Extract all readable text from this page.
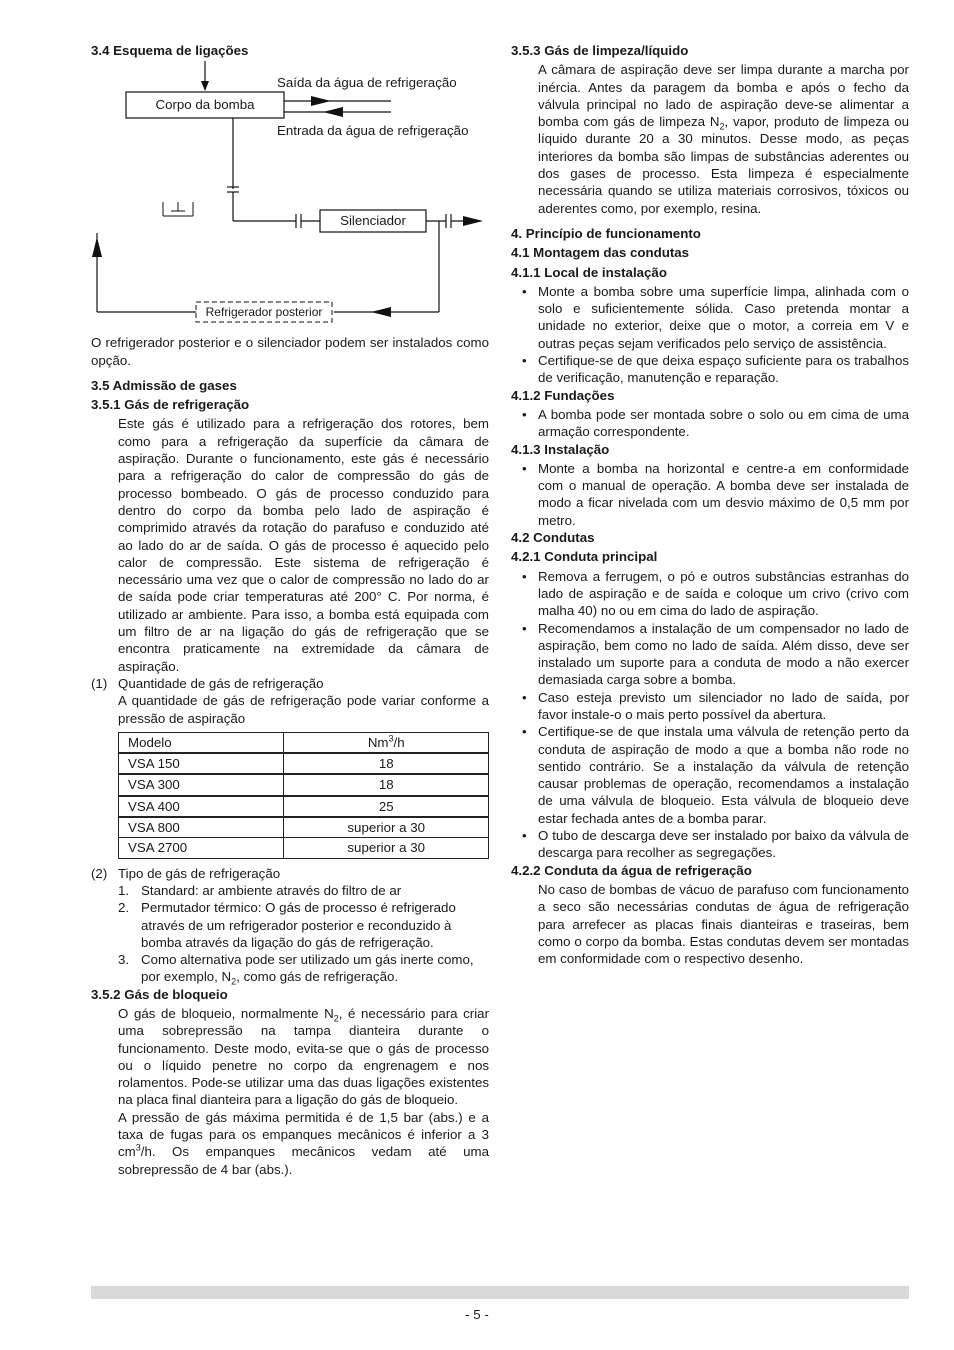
3.4 Esquema de ligações
Corpo da bomba
Saída da água de refrigeração
Entrada da água de refrigeração
Silenciador
Refrigerador posterior

O refrigerador posterior e o silenciador podem ser instalados como opção.

3.5 Admissão de gases
3.5.1 Gás de refrigeração

Este gás é utilizado para a refrigeração dos rotores, bem como para a refrigeração da superfície da câmara de aspiração. Durante o funcionamento, este gás é necessário para a refrigeração do calor de compressão do gás de processo bombeado. O gás de processo conduzido para dentro do corpo da bomba pelo lado de aspiração é comprimido através da rotação do parafuso e conduzido até ao lado do ar de saída. O gás de processo é aquecido pelo calor de compressão. Este sistema de refrigeração é necessário uma vez que o calor de compressão no lado do ar de saída pode criar temperaturas até 200° C. Por norma, é utilizado ar ambiente. Para isso, a bomba está equipada com um filtro de ar na ligação do gás de refrigeração que se encontra praticamente na extremidade da câmara de aspiração.

(1) Quantidade de gás de refrigeração

A quantidade de gás de refrigeração pode variar conforme a pressão de aspiração

Modelo	Nm$^3$/h
VSA 150	18
VSA 300	18
VSA 400	25
VSA 800	superior a 30
VSA 2700	superior a 30
(2) Tipo de gás de refrigeração
1. Standard: ar ambiente através do filtro de ar
2. Permutador térmico: O gás de processo é refrigerado através de um refrigerador posterior e reconduzido à bomba através da ligação do gás de refrigeração.
3. Como alternativa pode ser utilizado um gás inerte como, por exemplo, $N_2$, como gás de refrigeração.
3.5.2 Gás de bloqueio

O gás de bloqueio, normalmente $N_2$, é necessário para criar uma sobrepressão na tampa dianteira durante o funcionamento. Deste modo, evita-se que o gás de processo ou o líquido penetre no corpo da engrenagem e nos rolamentos. Pode-se utilizar uma das duas ligações existentes na placa final dianteira para a ligação do gás de bloqueio.

A pressão de gás máxima permitida é de 1,5 bar (abs.) e a taxa de fugas para os empanques mecânicos é inferior a 3 $cm^3/h$. Os empanques mecânicos vedam até uma sobrepressão de 4 bar (abs.).

3.5.3 Gás de limpeza/líquido

A câmara de aspiração deve ser limpa durante a marcha por inércia. Antes da paragem da bomba e após o fecho da válvula principal no lado de aspiração deve-se alimentar a bomba com gás de limpeza $N_2$, vapor, produto de limpeza ou líquido durante 20 a 30 minutos. Desse modo, as peças interiores da bomba são limpas de substâncias aderentes ou dos gases de processo. Esta limpeza é especialmente necessária quando se utiliza materiais corrosivos, tóxicos ou aderentes como, por exemplo, resina.

4. Princípio de funcionamento
4.1 Montagem das condutas
4.1.1 Local de instalação
• Monte a bomba sobre uma superfície limpa, alinhada com o solo e suficientemente sólida. Caso pretenda montar a unidade no exterior, deixe que o motor, a correia em V e outras peças sejam verificados pelo serviço de assistência.
• Certifique-se de que deixa espaço suficiente para os trabalhos de verificação, manutenção e reparação.
4.1.2 Fundações
• A bomba pode ser montada sobre o solo ou em cima de uma armação correspondente.
4.1.3 Instalação
• Monte a bomba na horizontal e centre-a em conformidade com o manual de operação. A bomba deve ser instalada de modo a ficar nivelada com um desvio máximo de 0,5 mm por metro.
4.2 Condutas
4.2.1 Conduta principal
• Remova a ferrugem, o pó e outros substâncias estranhas do lado de aspiração e de saída e coloque um crivo (crivo com malha 40) no ou em cima do lado de aspiração.
• Recomendamos a instalação de um compensador no lado de aspiração, bem como no lado de saída. Além disso, deve ser instalado um suporte para a conduta de modo a não exercer demasiada carga sobre a bomba.
• Caso esteja previsto um silenciador no lado de saída, por favor instale-o o mais perto possível da abertura.
• Certifique-se de que instala uma válvula de retenção perto da conduta de aspiração de modo a que a bomba não rode no sentido contrário. Se a instalação da válvula de retenção causar problemas de operação, recomendamos a instalação de uma válvula de bloqueio. Esta válvula de bloqueio deve estar fechada antes de a bomba parar.
• O tubo de descarga deve ser instalado por baixo da válvula de descarga para recolher as segregações.
4.2.2 Conduta da água de refrigeração

No caso de bombas de vácuo de parafuso com funcionamento a seco são necessárias condutas de água de refrigeração para arrefecer as placas finais dianteiras e traseiras, bem como o corpo da bomba. Estas condutas devem ser montadas em conformidade com o respectivo desenho.

- 5 -
